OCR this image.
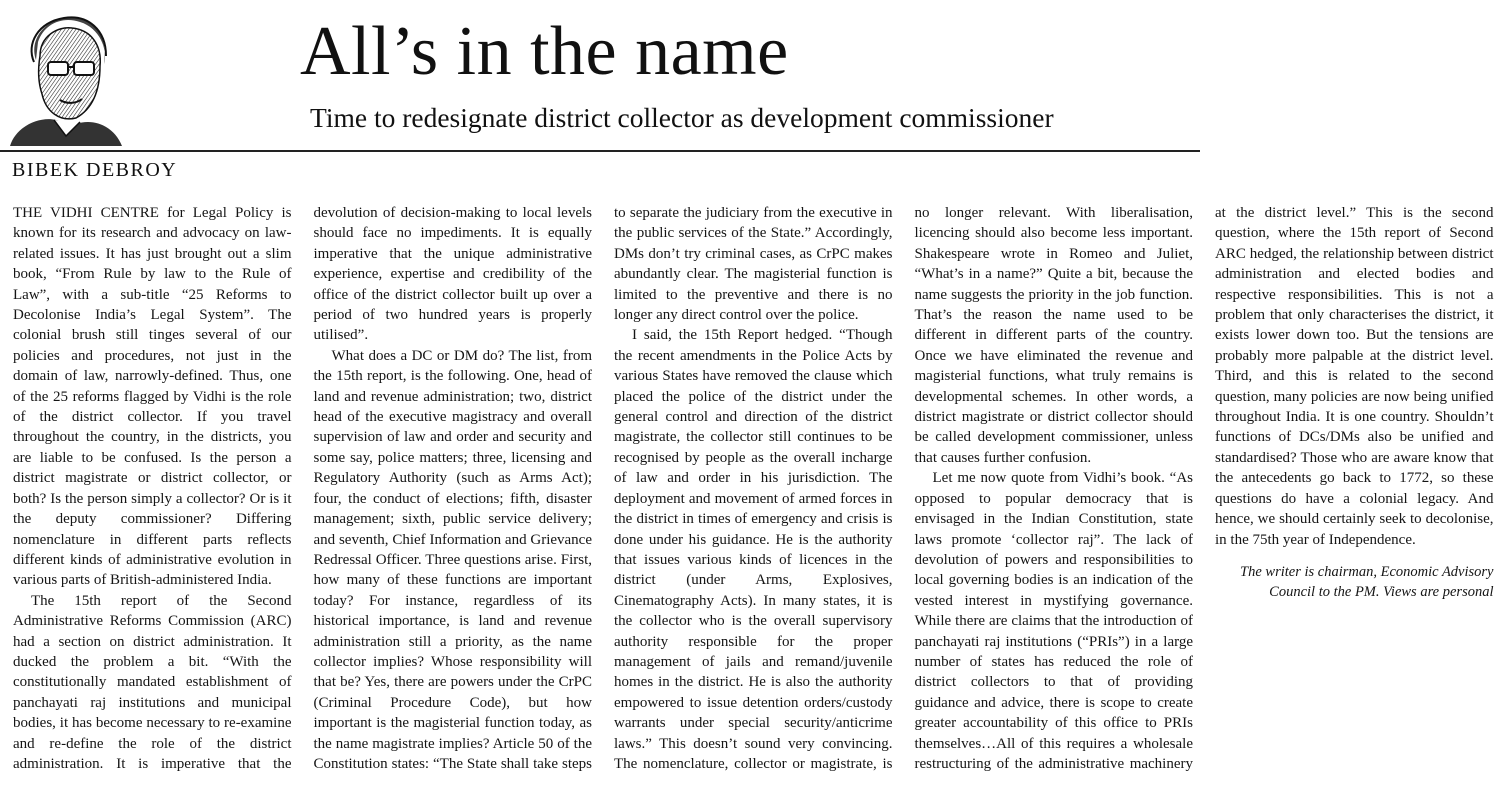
All’s in the name
Time to redesignate district collector as development commissioner
BIBEK DEBROY

THE VIDHI CENTRE for Legal Policy is known for its research and advocacy on law-related issues. It has just brought out a slim book, “From Rule by law to the Rule of Law”, with a sub-title “25 Reforms to Decolonise India’s Legal System”. The colonial brush still tinges several of our policies and procedures, not just in the domain of law, narrowly-defined. Thus, one of the 25 reforms flagged by Vidhi is the role of the district collector. If you travel throughout the country, in the districts, you are liable to be confused. Is the person a district magistrate or district collector, or both? Is the person simply a collector? Or is it the deputy commissioner? Differing nomenclature in different parts reflects different kinds of administrative evolution in various parts of British-administered India.

The 15th report of the Second Administrative Reforms Commission (ARC) had a section on district administration. It ducked the problem a bit. “With the constitutionally mandated establishment of panchayati raj institutions and municipal bodies, it has become necessary to re-examine and re-define the role of the district administration. It is imperative that the devolution of decision-making to local levels should face no impediments. It is equally imperative that the unique administrative experience, expertise and credibility of the office of the district collector built up over a period of two hundred years is properly utilised”.

What does a DC or DM do? The list, from the 15th report, is the following. One, head of land and revenue administration; two, district head of the executive magistracy and overall supervision of law and order and security and some say, police matters; three, licensing and Regulatory Authority (such as Arms Act); four, the conduct of elections; fifth, disaster management; sixth, public service delivery; and seventh, Chief Information and Grievance Redressal Officer. Three questions arise. First, how many of these functions are important today? For instance, regardless of its historical importance, is land and revenue administration still a priority, as the name collector implies? Whose responsibility will that be? Yes, there are powers under the CrPC (Criminal Procedure Code), but how important is the magisterial function today, as the name magistrate implies? Article 50 of the Constitution states: “The State shall take steps to separate the judiciary from the executive in the public services of the State.” Accordingly, DMs don’t try criminal cases, as CrPC makes abundantly clear. The magisterial function is limited to the preventive and there is no longer any direct control over the police.

I said, the 15th Report hedged. “Though the recent amendments in the Police Acts by various States have removed the clause which placed the police of the district under the general control and direction of the district magistrate, the collector still continues to be recognised by people as the overall incharge of law and order in his jurisdiction. The deployment and movement of armed forces in the district in times of emergency and crisis is done under his guidance. He is the authority that issues various kinds of licences in the district (under Arms, Explosives, Cinematography Acts). In many states, it is the collector who is the overall supervisory authority responsible for the proper management of jails and remand/juvenile homes in the district. He is also the authority empowered to issue detention orders/custody warrants under special security/anticrime laws.” This doesn’t sound very convincing. The nomenclature, collector or magistrate, is no longer relevant. With liberalisation, licencing should also become less important. Shakespeare wrote in Romeo and Juliet, “What’s in a name?” Quite a bit, because the name suggests the priority in the job function. That’s the reason the name used to be different in different parts of the country. Once we have eliminated the revenue and magisterial functions, what truly remains is developmental schemes. In other words, a district magistrate or district collector should be called development commissioner, unless that causes further confusion.

Let me now quote from Vidhi’s book. “As opposed to popular democracy that is envisaged in the Indian Constitution, state laws promote ‘collector raj”. The lack of devolution of powers and responsibilities to local governing bodies is an indication of the vested interest in mystifying governance. While there are claims that the introduction of panchayati raj institutions (“PRIs”) in a large number of states has reduced the role of district collectors to that of providing guidance and advice, there is scope to create greater accountability of this office to PRIs themselves…All of this requires a wholesale restructuring of the administrative machinery at the district level.” This is the second question, where the 15th report of Second ARC hedged, the relationship between district administration and elected bodies and respective responsibilities. This is not a problem that only characterises the district, it exists lower down too. But the tensions are probably more palpable at the district level. Third, and this is related to the second question, many policies are now being unified throughout India. It is one country. Shouldn’t functions of DCs/DMs also be unified and standardised? Those who are aware know that the antecedents go back to 1772, so these questions do have a colonial legacy. And hence, we should certainly seek to decolonise, in the 75th year of Independence.

The writer is chairman, Economic Advisory Council to the PM. Views are personal
